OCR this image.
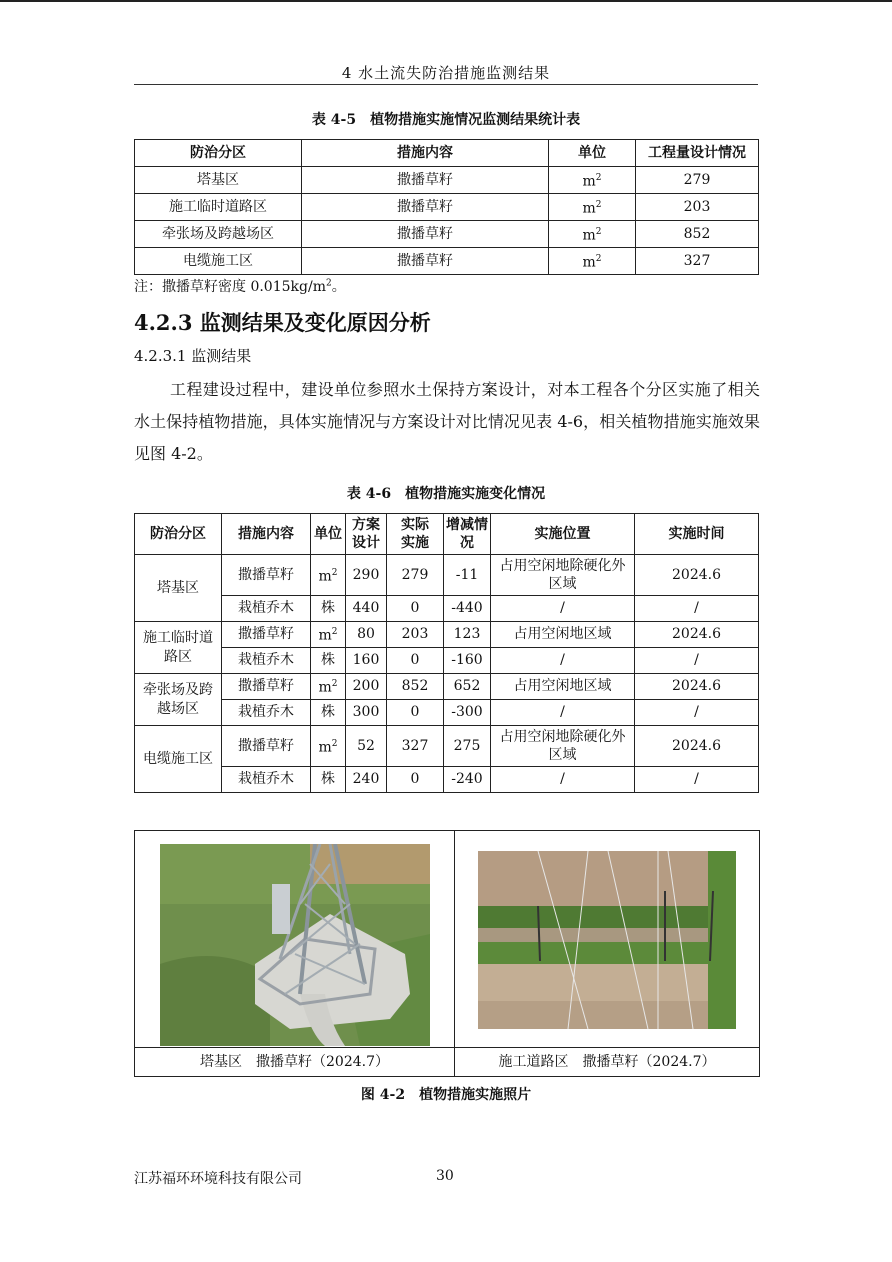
4 水土流失防治措施监测结果
表 4-5　植物措施实施情况监测结果统计表
防治分区	措施内容	单位	工程量设计情况
塔基区	撒播草籽	$m^2$	279
施工临时道路区	撒播草籽	$m^2$	203
牵张场及跨越场区	撒播草籽	$m^2$	852
电缆施工区	撒播草籽	$m^2$	327
注：撒播草籽密度 $0.015kg/m^2$。
4.2.3 监测结果及变化原因分析
4.2.3.1 监测结果
工程建设过程中，建设单位参照水土保持方案设计，对本工程各个分区实施了相关水土保持植物措施，具体实施情况与方案设计对比情况见表 4-6，相关植物措施实施效果见图 4-2。
表 4-6　植物措施实施变化情况
防治分区	措施内容	单位	方案设计	实际实施	增减情况	实施位置	实施时间
塔基区	撒播草籽	$m^2$	290	279	-11	占用空闲地除硬化外区域	2024.6
	栽植乔木	株	440	0	-440	/	/
施工临时道路区	撒播草籽	$m^2$	80	203	123	占用空闲地区域	2024.6
	栽植乔木	株	160	0	-160	/	/
牵张场及跨越场区	撒播草籽	$m^2$	200	852	652	占用空闲地区域	2024.6
	栽植乔木	株	300	0	-300	/	/
电缆施工区	撒播草籽	$m^2$	52	327	275	占用空闲地除硬化外区域	2024.6
	栽植乔木	株	240	0	-240	/	/
塔基区　撒播草籽（2024.7）	施工道路区　撒播草籽（2024.7）
图 4-2　植物措施实施照片
江苏福环环境科技有限公司	30
